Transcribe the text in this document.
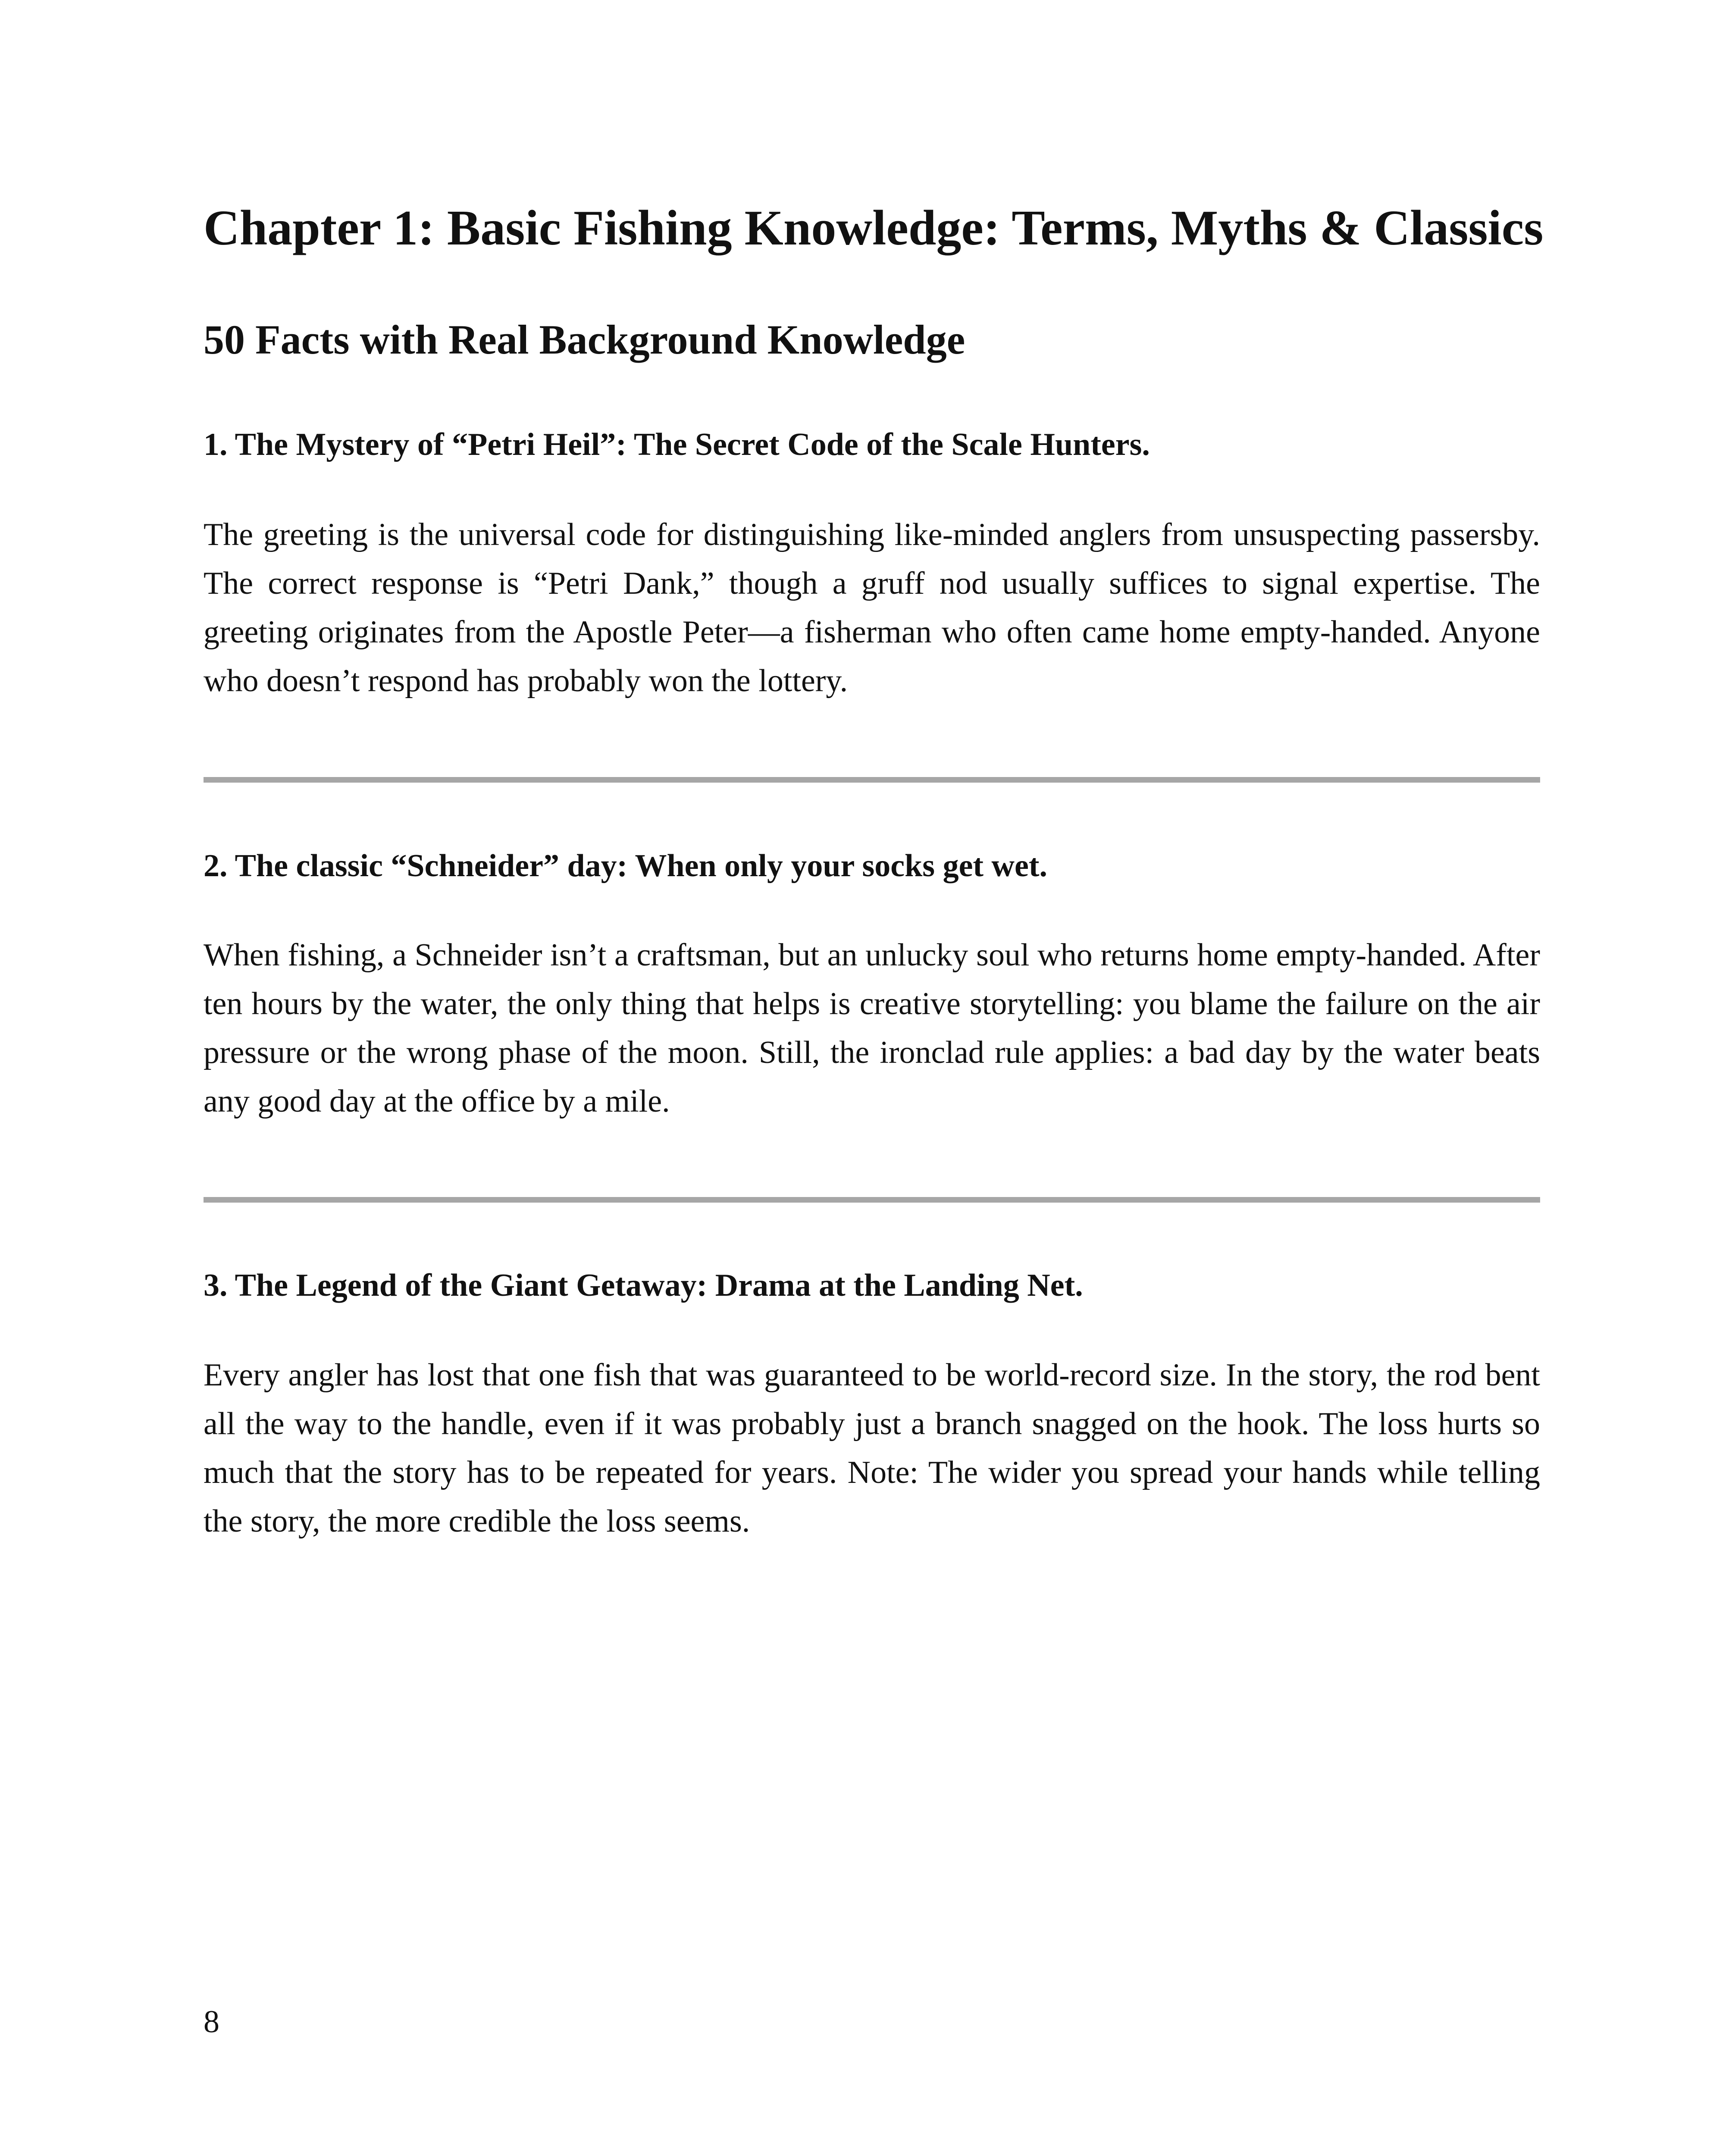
Chapter 1: Basic Fishing Knowledge: Terms, Myths & Classics
50 Facts with Real Background Knowledge
1. The Mystery of “Petri Heil”: The Secret Code of the Scale Hunters.

The greeting is the universal code for distinguishing like-minded anglers from unsuspecting passersby. The correct response is “Petri Dank,” though a gruff nod usually suffices to signal expertise. The greeting originates from the Apostle Peter—a fisherman who often came home empty-handed. Anyone who doesn’t respond has probably won the lottery.

2. The classic “Schneider” day: When only your socks get wet.

When fishing, a Schneider isn’t a craftsman, but an unlucky soul who returns home empty-handed. After ten hours by the water, the only thing that helps is creative storytelling: you blame the failure on the air pressure or the wrong phase of the moon. Still, the ironclad rule applies: a bad day by the water beats any good day at the office by a mile.

3. The Legend of the Giant Getaway: Drama at the Landing Net.

Every angler has lost that one fish that was guaranteed to be world-record size. In the story, the rod bent all the way to the handle, even if it was probably just a branch snagged on the hook. The loss hurts so much that the story has to be repeated for years. Note: The wider you spread your hands while telling the story, the more credible the loss seems.

8
